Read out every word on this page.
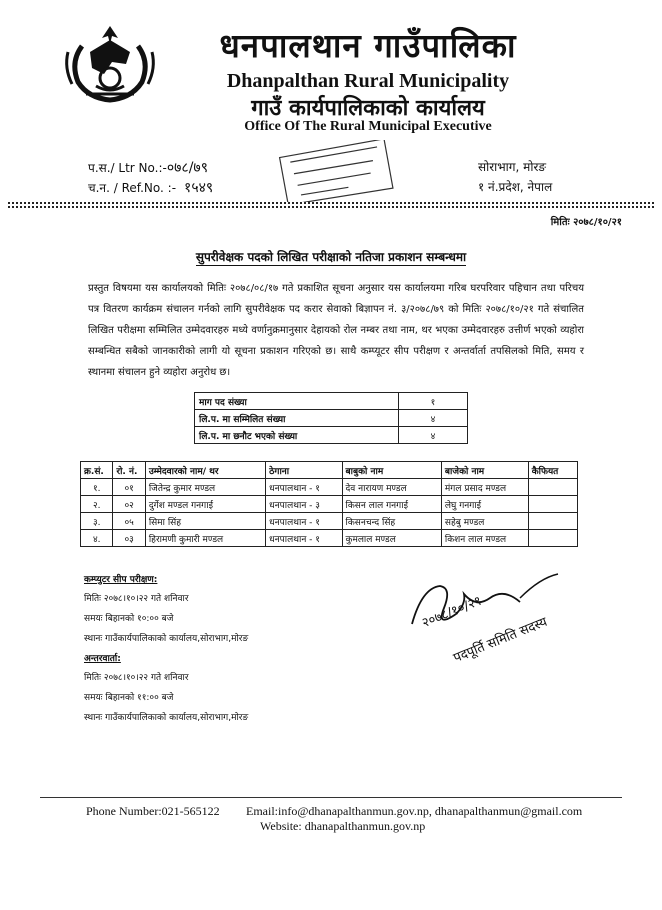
धनपालथान गाउँपालिका
Dhanpalthan Rural Municipality
गाउँ कार्यपालिकाको कार्यालय
Office Of The Rural Municipal Executive
प.स./ Ltr No.:-०७८/७९
च.न. / Ref.No. :- १५४९
सोराभाग, मोरङ
१ नं.प्रदेश, नेपाल
मितिः २०७८/१०/२१
सुपरीवेक्षक पदको लिखित परीक्षाको नतिजा प्रकाशन सम्बन्धमा
प्रस्तुत विषयमा यस कार्यालयको मितिः २०७८/०८/१७ गते प्रकाशित सूचना अनुसार यस कार्यालयमा गरिब घरपरिवार पहिचान तथा परिचय पत्र वितरण कार्यक्रम संचालन गर्नको लागि सुपरीवेक्षक पद करार सेवाको बिज्ञापन नं. ३/२०७८/७९ को मितिः २०७८/१०/२१ गते संचालित लिखित परीक्षमा सम्मिलित उम्मेदवारहरु मध्ये वर्णानुक्रमानुसार देहायको रोल नम्बर तथा नाम, थर भएका उम्मेदवारहरु उत्तीर्ण भएको व्यहोरा सम्बन्धित सबैको जानकारीको लागी यो सूचना प्रकाशन गरिएको छ। साथै कम्प्यूटर सीप परीक्षण र अन्तर्वार्ता तपसिलको मिति, समय र स्थानमा संचालन हुने व्यहोरा अनुरोध छ।
माग पद संख्या	१
लि.प. मा सम्मिलित संख्या	४
लि.प. मा छनौट भएको संख्या	४
क्र.सं.	रो. नं.	उम्मेदवारको नाम/ थर	ठेगाना	बाबुको नाम	बाजेको नाम	कैफियत
१.	०१	जितेन्द्र कुमार मण्डल	धनपालथान - १	देव नारायण मण्डल	मंगल प्रसाद मण्डल	
२.	०२	दुर्गेश मण्डल गनगाई	धनपालथान - ३	किसन लाल गनगाई	लेघु गनगाई	
३.	०५	सिमा सिंह	धनपालथान - १	किसनचन्द सिंह	सहेबु मण्डल	
४.	०३	हिरामणी कुमारी मण्डल	धनपालथान - १	कुमलाल मण्डल	किशन लाल मण्डल	
कम्प्युटर सीप परीक्षण:
मितिः २०७८।१०।२२ गते शनिवार
समयः बिहानको १०:०० बजे
स्थानः गाउँकार्यपालिकाको कार्यालय,सोराभाग,मोरङ
अन्तरवार्ता:
मितिः २०७८।१०।२२ गते शनिवार
समयः बिहानको ११:०० बजे
स्थानः गाउँकार्यपालिकाको कार्यालय,सोराभाग,मोरङ
२०७८/१०/२१
पदपूर्ति समिति सदस्य
Phone Number:021-565122 Email:info@dhanapalthanmun.gov.np, dhanapalthanmun@gmail.com
Website: dhanapalthanmun.gov.np
